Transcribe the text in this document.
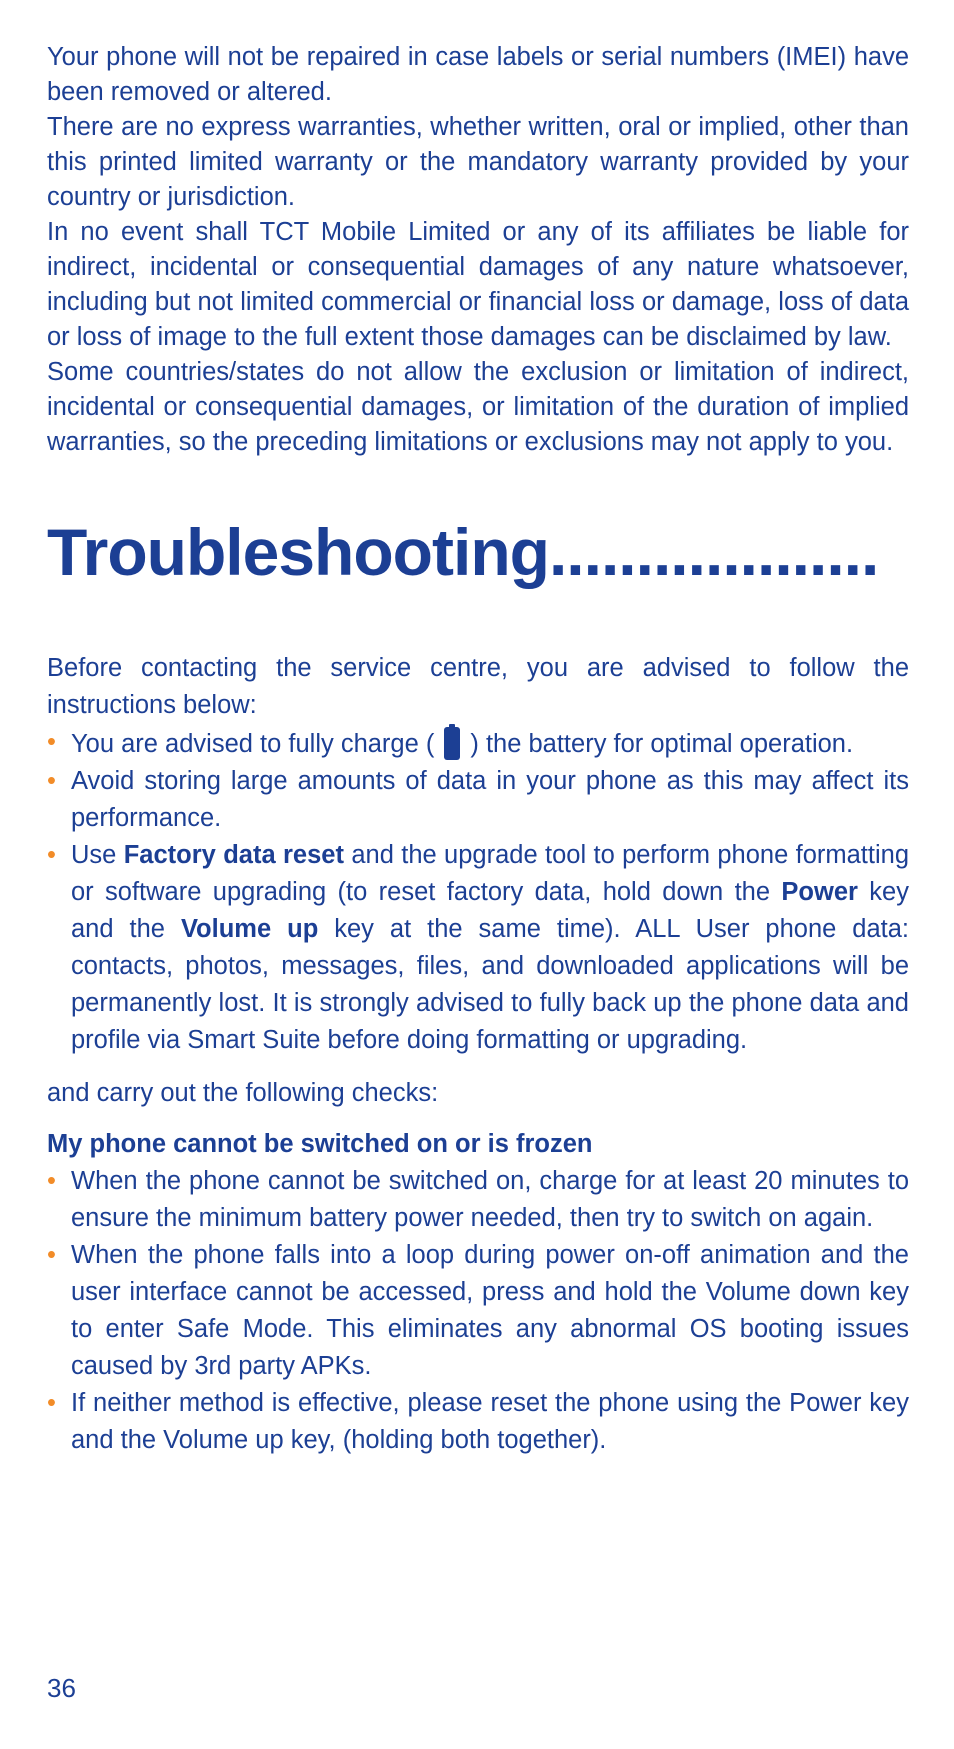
Your phone will not be repaired in case labels or serial numbers (IMEI) have been removed or altered.

There are no express warranties, whether written, oral or implied, other than this printed limited warranty or the mandatory warranty provided by your country or jurisdiction.

In no event shall TCT Mobile Limited or any of its affiliates be liable for indirect, incidental or consequential damages of any nature whatsoever, including but not limited commercial or financial loss or damage, loss of data or loss of image to the full extent those damages can be disclaimed by law.

Some countries/states do not allow the exclusion or limitation of indirect, incidental or consequential damages, or limitation of the duration of implied warranties, so the preceding limitations or exclusions may not apply to you.

Troubleshooting...................

Before contacting the service centre, you are advised to follow the instructions below:

• You are advised to fully charge ( ) the battery for optimal operation.
• Avoid storing large amounts of data in your phone as this may affect its performance.
• Use Factory data reset and the upgrade tool to perform phone formatting or software upgrading (to reset factory data, hold down the Power key and the Volume up key at the same time). ALL User phone data: contacts, photos, messages, files, and downloaded applications will be permanently lost. It is strongly advised to fully back up the phone data and profile via Smart Suite before doing formatting or upgrading.

and carry out the following checks:

My phone cannot be switched on or is frozen
• When the phone cannot be switched on, charge for at least 20 minutes to ensure the minimum battery power needed, then try to switch on again.
• When the phone falls into a loop during power on-off animation and the user interface cannot be accessed, press and hold the Volume down key to enter Safe Mode. This eliminates any abnormal OS booting issues caused by 3rd party APKs.
• If neither method is effective, please reset the phone using the Power key and the Volume up key, (holding both together).
36
